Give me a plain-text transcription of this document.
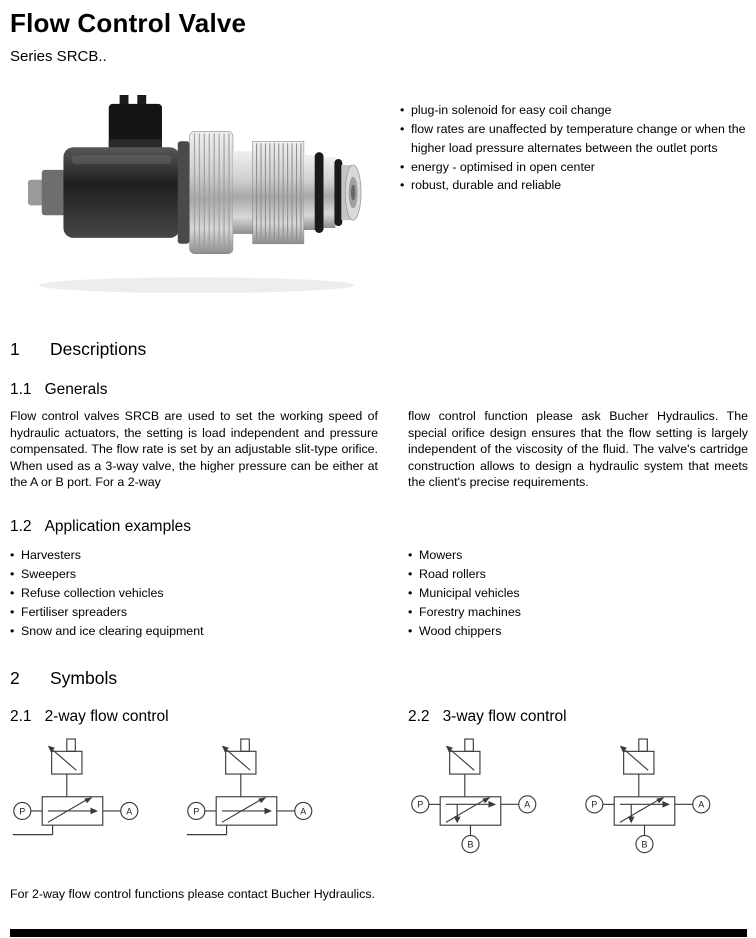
Flow Control Valve
Series SRCB..
• plug-in solenoid for easy coil change
• flow rates are unaffected by temperature change or when the higher load pressure alternates between the outlet ports
• energy - optimised in open center
• robust, durable and reliable
1	Descriptions
1.1 Generals

Flow control valves SRCB are used to set the working speed of hydraulic actuators, the setting is load independent and pressure compensated. The flow rate is set by an adjustable slit-type orifice. When used as a 3-way valve, the higher pressure can be either at the A or B port. For a 2-way

flow control function please ask Bucher Hydraulics. The special orifice design ensures that the flow setting is largely independent of the viscosity of the fluid. The valve's cartridge construction allows to design a hydraulic system that meets the client's precise requirements.

1.2 Application examples
• Harvesters
• Sweepers
• Refuse collection vehicles
• Fertiliser spreaders
• Snow and ice clearing equipment
• Mowers
• Road rollers
• Municipal vehicles
• Forestry machines
• Wood chippers
2	Symbols
2.1 2-way flow control	2.2 3-way flow control
P	A	P	A
P	A
B
P	A
B

For 2-way flow control functions please contact Bucher Hydraulics.
